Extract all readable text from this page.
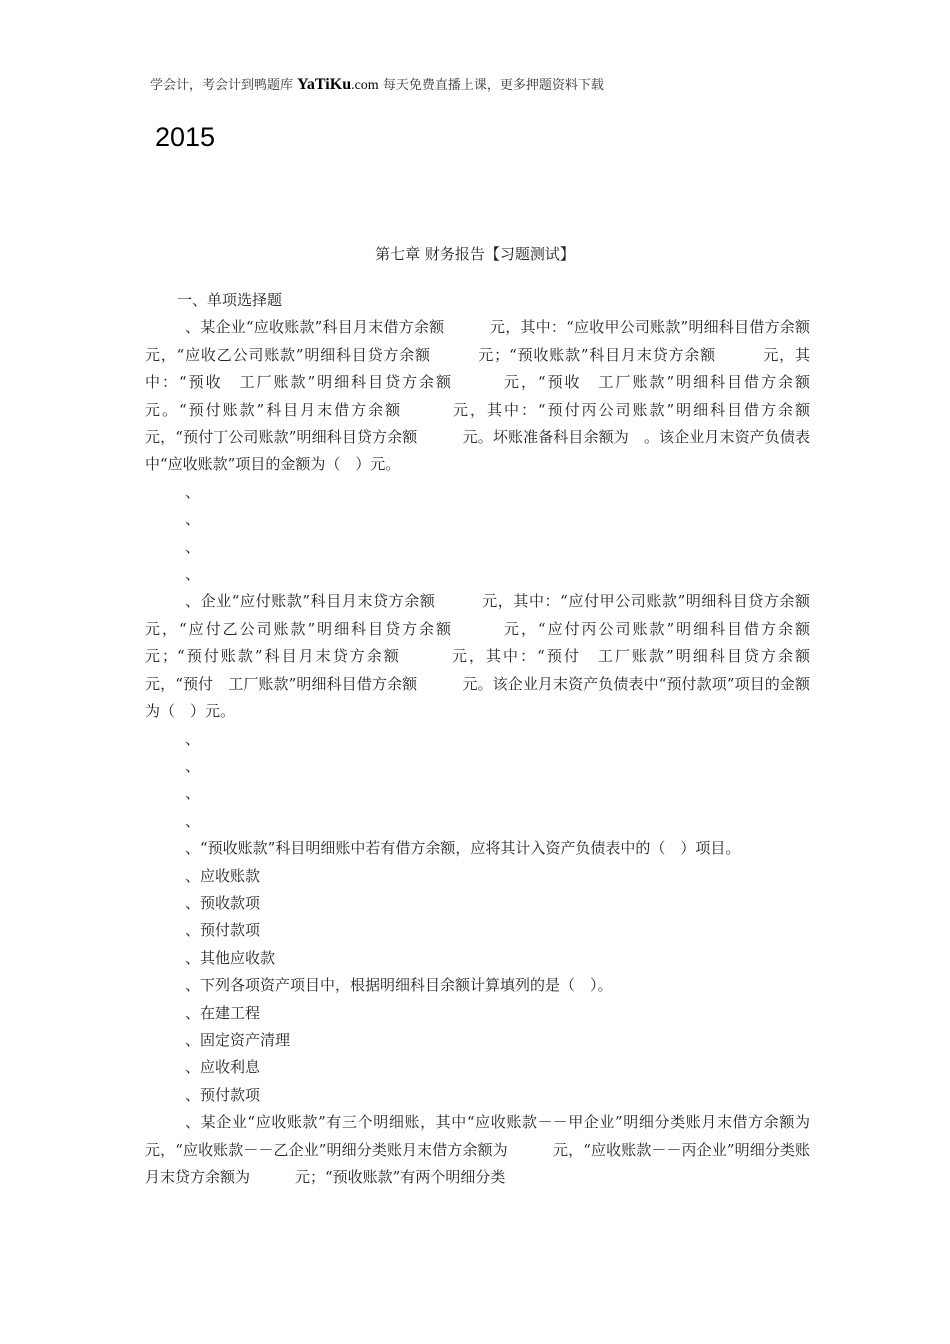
学会计，考会计到鸭题库 YaTiKu.com 每天免费直播上课，更多押题资料下载
2015
第七章 财务报告【习题测试】

一、单项选择题

、某企业“应收账款”科目月末借方余额　　　元，其中：“应收甲公司账款”明细科目借方余额　　　元，“应收乙公司账款”明细科目贷方余额　　　元；“预收账款”科目月末贷方余额　　　元，其中：“预收　工厂账款”明细科目贷方余额　　　元，“预收　工厂账款”明细科目借方余额　　　元。“预付账款”科目月末借方余额　　　元，其中：“预付丙公司账款”明细科目借方余额　　　元，“预付丁公司账款”明细科目贷方余额　　　元。坏账准备科目余额为　。该企业月末资产负债表中“应收账款”项目的金额为（　）元。

、

、

、

、

、企业“应付账款”科目月末贷方余额　　　元，其中：“应付甲公司账款”明细科目贷方余额　　　元，“应付乙公司账款”明细科目贷方余额　　　元，“应付丙公司账款”明细科目借方余额　　　元；“预付账款”科目月末贷方余额　　　元，其中：“预付　工厂账款”明细科目贷方余额　　　元，“预付　工厂账款”明细科目借方余额　　　元。该企业月末资产负债表中“预付款项”项目的金额为（　）元。

、

、

、

、

、“预收账款”科目明细账中若有借方余额，应将其计入资产负债表中的（　）项目。

、应收账款

、预收款项

、预付款项

、其他应收款

、下列各项资产项目中，根据明细科目余额计算填列的是（　）。

、在建工程

、固定资产清理

、应收利息

、预付款项

、某企业“应收账款”有三个明细账，其中“应收账款－－甲企业”明细分类账月末借方余额为　　　元，“应收账款－－乙企业”明细分类账月末借方余额为　　　元，“应收账款－－丙企业”明细分类账月末贷方余额为　　　元；“预收账款”有两个明细分类
